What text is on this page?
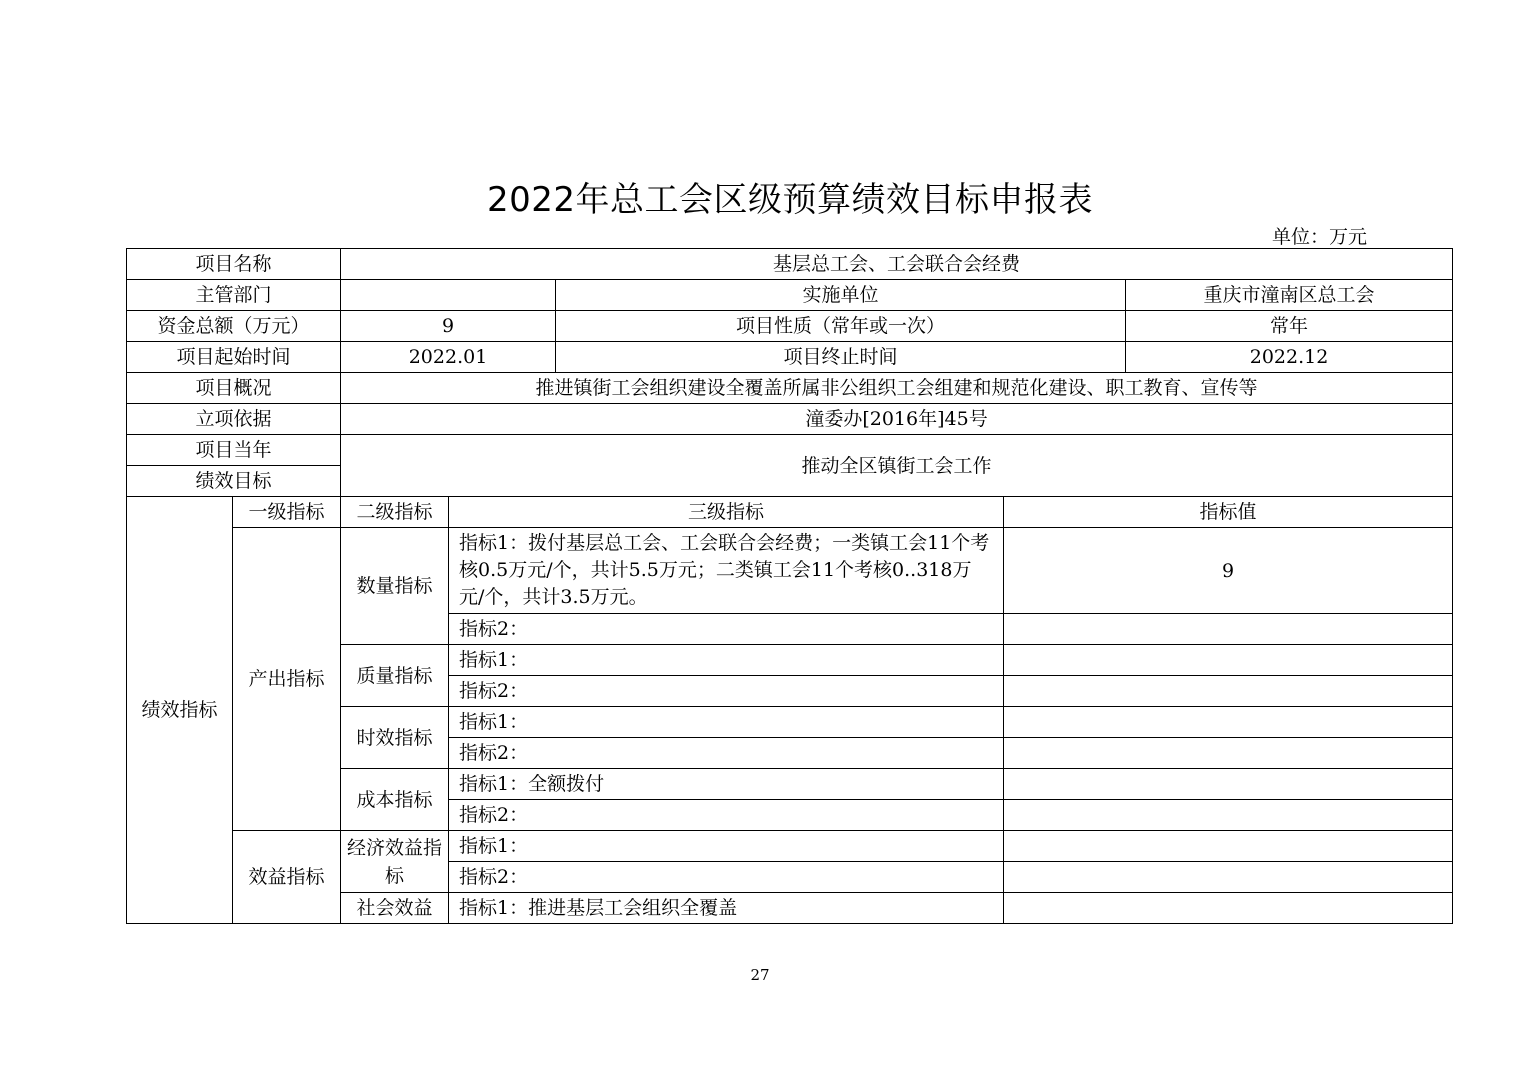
2022年总工会区级预算绩效目标申报表
单位：万元
项目名称		基层总工会、工会联合会经费				
主管部门				实施单位		重庆市潼南区总工会
资金总额（万元）		9		项目性质（常年或一次）		常年
项目起始时间		2022.01		项目终止时间		2022.12
项目概况		推进镇街工会组织建设全覆盖所属非公组织工会组建和规范化建设、职工教育、宣传等				
立项依据		潼委办[2016年]45号				
项目当年		推动全区镇街工会工作				
绩效目标						
绩效指标	一级指标	二级指标	三级指标		指标值	
	产出指标	数量指标	指标1：拨付基层总工会、工会联合会经费；一类镇工会11个考核0.5万元/个，共计5.5万元；二类镇工会11个考核0..318万元/个，共计3.5万元。		9	
			指标2：			
		质量指标	指标1：			
			指标2：			
		时效指标	指标1：			
			指标2：			
		成本指标	指标1：全额拨付			
			指标2：			
	效益指标	经济效益指标	指标1：			
			指标2：			
		社会效益	指标1：推进基层工会组织全覆盖			
27
